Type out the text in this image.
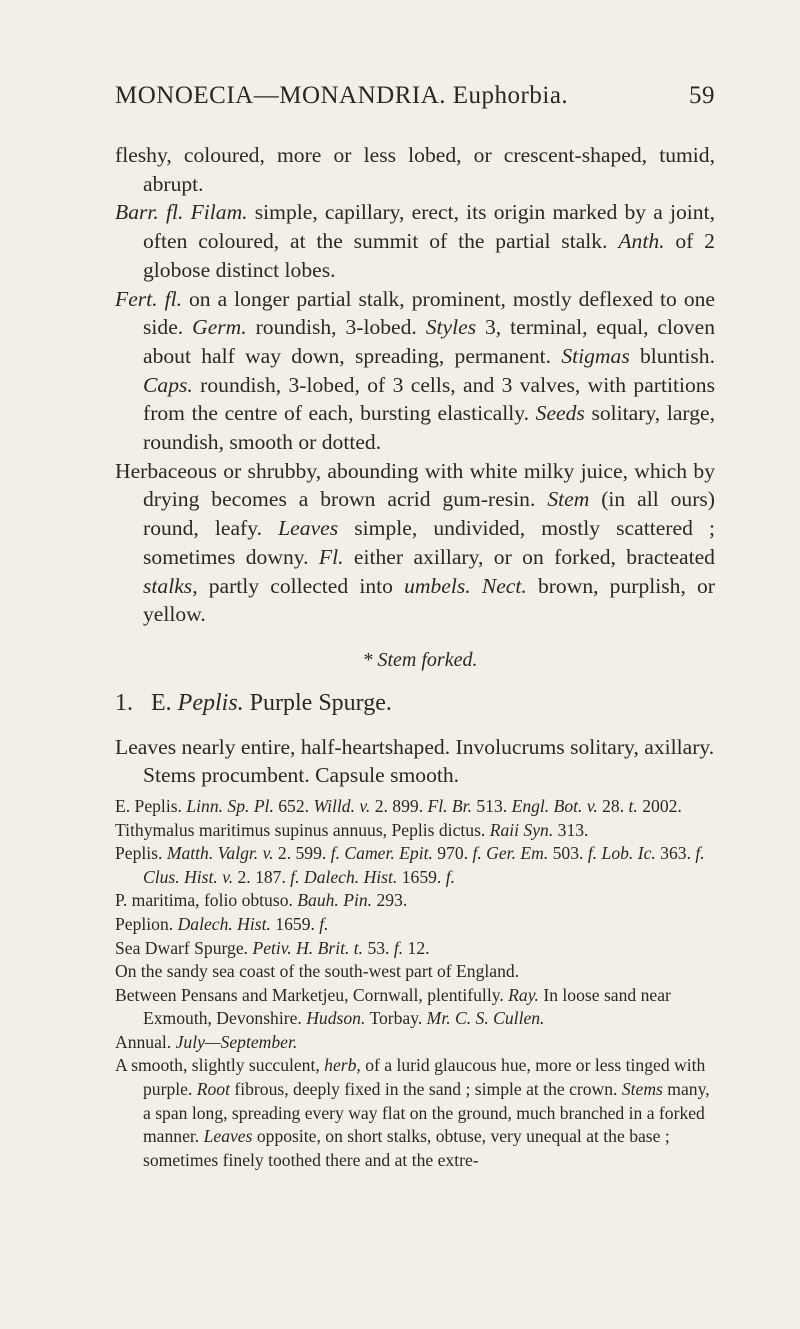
MONOECIA—MONANDRIA. Euphorbia.	59

fleshy, coloured, more or less lobed, or crescent-shaped, tumid, abrupt.

Barr. fl. Filam. simple, capillary, erect, its origin marked by a joint, often coloured, at the summit of the partial stalk. Anth. of 2 globose distinct lobes.

Fert. fl. on a longer partial stalk, prominent, mostly deflexed to one side. Germ. roundish, 3-lobed. Styles 3, terminal, equal, cloven about half way down, spreading, permanent. Stigmas bluntish. Caps. roundish, 3-lobed, of 3 cells, and 3 valves, with partitions from the centre of each, bursting elastically. Seeds solitary, large, roundish, smooth or dotted.

Herbaceous or shrubby, abounding with white milky juice, which by drying becomes a brown acrid gum-resin. Stem (in all ours) round, leafy. Leaves simple, undivided, mostly scattered ; sometimes downy. Fl. either axillary, or on forked, bracteated stalks, partly collected into umbels. Nect. brown, purplish, or yellow.

* Stem forked.
1. E. Peplis. Purple Spurge.

Leaves nearly entire, half-heartshaped. Involucrums solitary, axillary. Stems procumbent. Capsule smooth.

E. Peplis. Linn. Sp. Pl. 652. Willd. v. 2. 899. Fl. Br. 513. Engl. Bot. v. 28. t. 2002.

Tithymalus maritimus supinus annuus, Peplis dictus. Raii Syn. 313.

Peplis. Matth. Valgr. v. 2. 599. f. Camer. Epit. 970. f. Ger. Em. 503. f. Lob. Ic. 363. f. Clus. Hist. v. 2. 187. f. Dalech. Hist. 1659. f.

P. maritima, folio obtuso. Bauh. Pin. 293.

Peplion. Dalech. Hist. 1659. f.

Sea Dwarf Spurge. Petiv. H. Brit. t. 53. f. 12.

On the sandy sea coast of the south-west part of England.

Between Pensans and Marketjeu, Cornwall, plentifully. Ray. In loose sand near Exmouth, Devonshire. Hudson. Torbay. Mr. C. S. Cullen.

Annual. July—September.

A smooth, slightly succulent, herb, of a lurid glaucous hue, more or less tinged with purple. Root fibrous, deeply fixed in the sand ; simple at the crown. Stems many, a span long, spreading every way flat on the ground, much branched in a forked manner. Leaves opposite, on short stalks, obtuse, very unequal at the base ; sometimes finely toothed there and at the extre-
